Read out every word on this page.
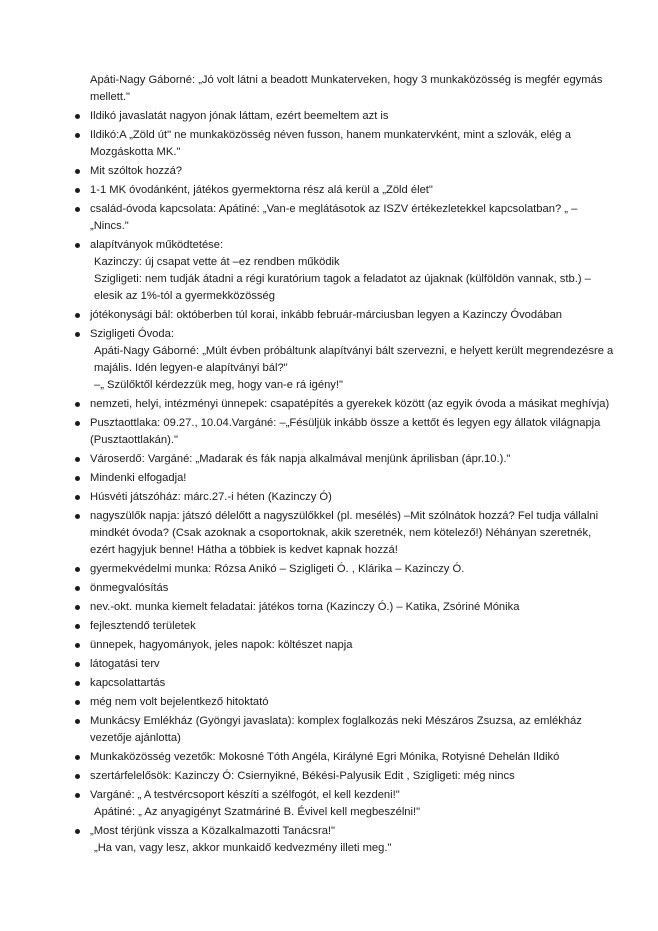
Apáti-Nagy Gáborné: „Jó volt látni a beadott Munkaterveken, hogy 3 munkaközösség is megfér egymás mellett."

Ildikó javaslatát nagyon jónak láttam, ezért beemeltem azt is
Ildikó:A „Zöld út" ne munkaközösség néven fusson, hanem munkatervként, mint a szlovák, elég a Mozgáskotta MK."
Mit szóltok hozzá?
1-1 MK óvodánként, játékos gyermektorna rész alá kerül a „Zöld élet"
család-óvoda kapcsolata: Apátiné: „Van-e meglátásotok az ISZV értékezletekkel kapcsolatban? „ – „Nincs."
alapítványok működtetése:
Kazinczy: új csapat vette át –ez rendben működik
Szigligeti: nem tudják átadni a régi kuratórium tagok a feladatot az újaknak (külföldön vannak, stb.) – elesik az 1%-tól a gyermekközösség
jótékonysági bál: októberben túl korai, inkább február-márciusban legyen a Kazinczy Óvodában
Szigligeti Óvoda:
Apáti-Nagy Gáborné: „Múlt évben próbáltunk alapítványi bált szervezni, e helyett került megrendezésre a majális. Idén legyen-e alapítványi bál?"
–„ Szülőktől kérdezzük meg, hogy van-e rá igény!"
nemzeti, helyi, intézményi ünnepek: csapatépítés a gyerekek között (az egyik óvoda a másikat meghívja)
Pusztaottlaka: 09.27., 10.04.Vargáné: –„Fésüljük inkább össze a kettőt és legyen egy állatok világnapja (Pusztaottlakán)."
Városerdő: Vargáné: „Madarak és fák napja alkalmával menjünk áprilisban (ápr.10.)."
Mindenki elfogadja!
Húsvéti játszóház: márc.27.-i héten (Kazinczy Ó)
nagyszülők napja: játszó délelőtt a nagyszülőkkel (pl. mesélés) –Mit szólnátok hozzá? Fel tudja vállalni mindkét óvoda? (Csak azoknak a csoportoknak, akik szeretnék, nem kötelező!) Néhányan szeretnék, ezért hagyjuk benne! Hátha a többiek is kedvet kapnak hozzá!
gyermekvédelmi munka: Rózsa Anikó – Szigligeti Ó. , Klárika – Kazinczy Ó.
önmegvalósítás
nev.-okt. munka kiemelt feladatai: játékos torna (Kazinczy Ó.) – Katika, Zsóriné Mónika
fejlesztendő területek
ünnepek, hagyományok, jeles napok: költészet napja
látogatási terv
kapcsolattartás
még nem volt bejelentkező hitoktató
Munkácsy Emlékház (Gyöngyi javaslata): komplex foglalkozás neki Mészáros Zsuzsa, az emlékház vezetője ajánlotta)
Munkaközösség vezetők: Mokosné Tóth Angéla, Királyné Egri Mónika, Rotyisné Dehelán Ildikó
szertárfelelősök: Kazinczy Ó: Csiernyikné, Békési-Palyusik Edit , Szigligeti: még nincs
Vargáné: „ A testvércsoport készíti a szélfogót, el kell kezdeni!"
Apátiné: „ Az anyagigényt Szatmáriné B. Évivel kell megbeszélni!"
„Most térjünk vissza a Közalkalmazotti Tanácsra!"
„Ha van, vagy lesz, akkor munkaidő kedvezmény illeti meg."
